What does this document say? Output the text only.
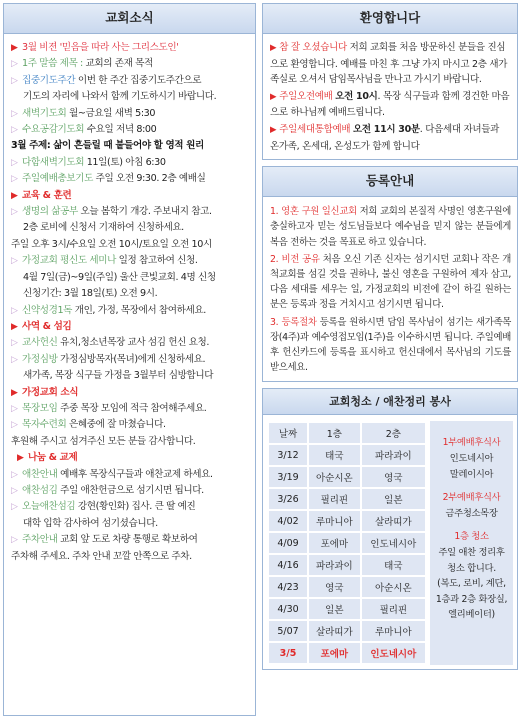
교회소식
▶ 3월 비젼 '믿음을 따라 사는 그리스도인'
▷ 1주 말씀 제목 : 교회의 존재 목적
▷ 집중기도주간 이번 한 주간 집중기도주간으로
기도의 자리에 나와서 함께 기도하시기 바랍니다.
▷ 새벽기도회 월~금요일 새벽 5:30
▷ 수요공감기도회 수요일 저녁 8:00
3월 주제: 삶이 흔들릴 때 붙들어야 할 영적 원리
▷ 다함새벽기도회 11일(토) 아침 6:30
▷ 주일예배총보기도 주일 오전 9:30. 2층 예배실
▶ 교육 & 훈련
▷ 생명의 삶공부 오늘 봄학기 개강. 주보내지 참고.
2층 로비에 신청서 기재하여 신청하세요.
주일 오후 3시/수요일 오전 10시/토요일 오전 10시
▷ 가정교회 평신도 세미나 일정 참고하여 신청.
4월 7일(금)~9일(주일) 울산 큰빛교회. 4명 신청
신청기간: 3월 18일(토) 오전 9시.
▷ 신약성경1독 개인, 가정, 목장에서 참여하세요.
▶ 사역 & 섬김
▷ 교사헌신 유치,청소년목장 교사 섬김 헌신 요청.
▷ 가정심방 가정심방목자(목녀)에게 신청하세요.
새가족, 목장 식구들 가정을 3월부터 심방합니다
▶ 가정교회 소식
▷ 목장모임 주중 목장 모임에 적극 참여해주세요.
▷ 목자수련회 은혜중에 잘 마쳤습니다.
후원해 주시고 섬겨주신 모든 분들 감사합니다.
▶ 나눔 & 교제
▷ 애찬안내 예배후 목장식구들과 애찬교제 하세요.
▷ 애찬섬김 주일 애찬헌금으로 섬기시면 됩니다.
▷ 오늘애찬섬김 강현(황인화) 집사. 큰 딸 예진
대학 입학 감사하여 섬기셨습니다.
▷ 주차안내 교회 앞 도로 차량 통행로 확보하여
주차해 주세요. 주차 안내 꼬깔 안쪽으로 주차.
환영합니다

▶ 참 잘 오셨습니다 저희 교회를 처음 방문하신 분들을 진심으로 환영합니다. 예배를 마친 후 그냥 가지 마시고 2층 새가족실로 오셔서 담임목사님을 만나고 가시기 바랍니다.

▶ 주일오전예배 오전 10시. 목장 식구들과 함께 경건한 마음으로 하나님께 예배드립니다.

▶ 주일세대통합예배 오전 11시 30분. 다음세대 자녀들과 온가족, 온세대, 온성도가 함께 합니다

등록안내

1. 영혼 구원 일신교회 저희 교회의 본질적 사명인 영혼구원에 충실하고자 믿는 성도님들보다 예수님을 믿지 않는 분들에게 복음 전하는 것을 목표로 하고 있습니다.

2. 비전 공유 처음 오신 기존 신자는 섬기시던 교회나 작은 개척교회를 섬길 것을 권하나, 불신 영혼을 구원하여 제자 삼고, 다음 세대를 세우는 일, 가정교회의 비전에 같이 하길 원하는 분은 등록과 정을 거치시고 섬기시면 됩니다.

3. 등록절차 등록을 원하시면 담임 목사님이 섬기는 새가족목장(4주)과 예수영접모임(1주)을 이수하시면 됩니다. 주일예배후 헌신카드에 등록을 표시하고 헌신대에서 목사님의 기도를 받으세요.

교회청소 / 애찬정리 봉사
날짜	1층	2층
3/12	태국	파라과이
3/19	아순시온	영국
3/26	필리핀	일본
4/02	루마니아	살라띠가
4/09	포에마	인도네시아
4/16	파라과이	태국
4/23	영국	아순시온
4/30	일본	필리핀
5/07	살라띠가	루마니아
3/5	포에마	인도네시아
1부예배후식사
인도네시아
말레이시아
2부예배후식사
금주청소목장
1층 청소
주일 애찬 정리후
청소 합니다.
(복도, 로비, 계단,
1층과 2층 화장실,
엘리베이터)
